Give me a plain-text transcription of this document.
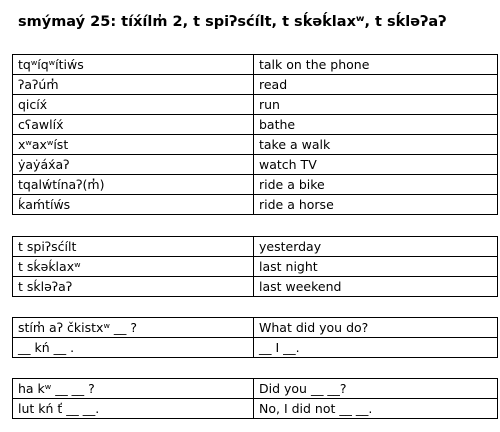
smýmaý 25: tíx́ílm̓ 2, t spiʔsćílt, t sḱəḱlaxʷ, t sḱləʔaʔ
tqʷíqʷítiẃs	talk on the phone
ʔaʔúm̓	read
qicíx́	run
cʕawlíx́	bathe
xʷaxʷíst	take a walk
ẏaẏáx́aʔ	watch TV
tqalẃtínaʔ(m̓)	ride a bike
ḱaḿtíẃs	ride a horse
t spiʔsćílt	yesterday
t sḱəḱlaxʷ	last night
t sḱləʔaʔ	last weekend
stím̓ aʔ čkistxʷ __ ?	What did you do?
__ kń __ .	__ I __.
ha kʷ __ __ ?	Did you __ __?
lut kń ť __ __.	No, I did not __ __.
